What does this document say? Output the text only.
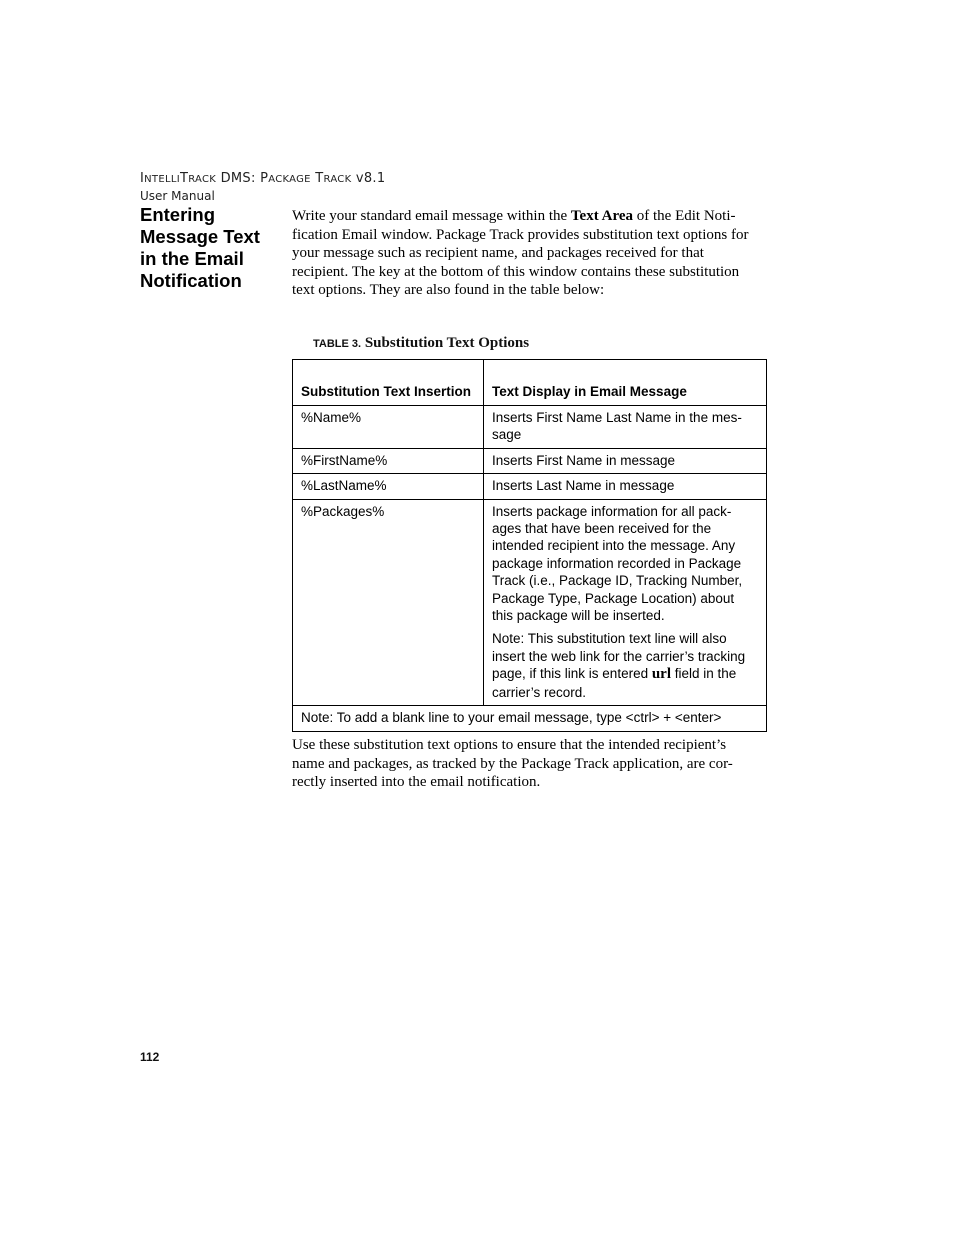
INTELLITRACK DMS: PACKAGE TRACK v8.1
User Manual
Entering Message Text in the Email Notification
Write your standard email message within the Text Area of the Edit Noti-fication Email window. Package Track provides substitution text options for your message such as recipient name, and packages received for that recipient. The key at the bottom of this window contains these substitution text options. They are also found in the table below:
TABLE 3. Substitution Text Options
Substitution Text Insertion	Text Display in Email Message
%Name%	Inserts First Name Last Name in the mes-sage
%FirstName%	Inserts First Name in message
%LastName%	Inserts Last Name in message
%Packages%	Inserts package information for all pack-ages that have been received for the intended recipient into the message. Any package information recorded in Package Track (i.e., Package ID, Tracking Number, Package Type, Package Location) about this package will be inserted.

Note: This substitution text line will also insert the web link for the carrier’s tracking page, if this link is entered url field in the carrier’s record.

Note: To add a blank line to your email message, type <ctrl> + <enter>	
Use these substitution text options to ensure that the intended recipient’s name and packages, as tracked by the Package Track application, are cor-rectly inserted into the email notification.
112
